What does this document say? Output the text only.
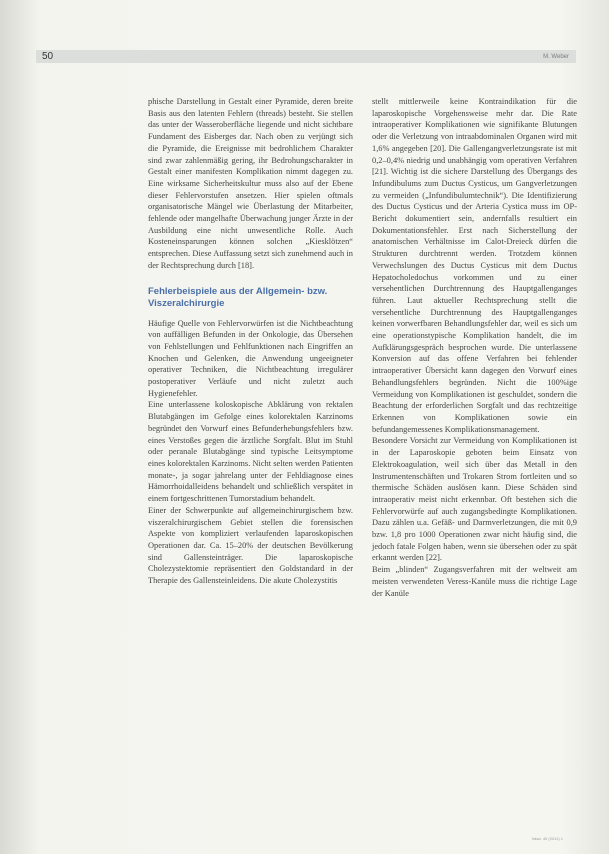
50	M. Weber

phische Darstellung in Gestalt einer Pyramide, deren breite Basis aus den latenten Fehlern (threads) besteht. Sie stellen das unter der Wasseroberfläche liegende und nicht sichtbare Fundament des Eisberges dar. Nach oben zu verjüngt sich die Pyramide, die Ereignisse mit bedrohlichem Charakter sind zwar zahlenmäßig gering, ihr Bedrohungscharakter in Gestalt einer manifesten Komplikation nimmt dagegen zu. Eine wirksame Sicherheitskultur muss also auf der Ebene dieser Fehlervorstufen ansetzen. Hier spielen oftmals organisatorische Mängel wie Überlastung der Mitarbeiter, fehlende oder mangelhafte Überwachung junger Ärzte in der Ausbildung eine nicht unwesentliche Rolle. Auch Kosteneinsparungen können solchen „Kiesklötzen“ entsprechen. Diese Auffassung setzt sich zunehmend auch in der Rechtsprechung durch [18].

Fehlerbeispiele aus der Allgemein- bzw. Viszeralchirurgie

Häufige Quelle von Fehlervorwürfen ist die Nichtbeachtung von auffälligen Befunden in der Onkologie, das Übersehen von Fehlstellungen und Fehlfunktionen nach Eingriffen an Knochen und Gelenken, die Anwendung ungeeigneter operativer Techniken, die Nichtbeachtung irregulärer postoperativer Verläufe und nicht zuletzt auch Hygienefehler.

Eine unterlassene koloskopische Abklärung von rektalen Blutabgängen im Gefolge eines kolorektalen Karzinoms begründet den Vorwurf eines Befunderhebungsfehlers bzw. eines Verstoßes gegen die ärztliche Sorgfalt. Blut im Stuhl oder peranale Blutabgänge sind typische Leitsymptome eines kolorektalen Karzinoms. Nicht selten werden Patienten monate-, ja sogar jahrelang unter der Fehldiagnose eines Hämorrhoidalleidens behandelt und schließlich verspätet in einem fortgeschrittenen Tumorstadium behandelt.

Einer der Schwerpunkte auf allgemeinchirurgischem bzw. viszeralchirurgischem Gebiet stellen die forensischen Aspekte von kompliziert verlaufenden laparoskopischen Operationen dar. Ca. 15–20% der deutschen Bevölkerung sind Gallensteinträger. Die laparoskopische Cholezystektomie repräsentiert den Goldstandard in der Therapie des Gallensteinleidens. Die akute Cholezystitis

stellt mittlerweile keine Kontraindikation für die laparoskopische Vorgehensweise mehr dar. Die Rate intraoperativer Komplikationen wie signifikante Blutungen oder die Verletzung von intraabdominalen Organen wird mit 1,6% angegeben [20]. Die Gallengangverletzungsrate ist mit 0,2–0,4% niedrig und unabhängig vom operativen Verfahren [21]. Wichtig ist die sichere Darstellung des Übergangs des Infundibulums zum Ductus Cysticus, um Gangverletzungen zu vermeiden („Infundibulumtechnik“). Die Identifizierung des Ductus Cysticus und der Arteria Cystica muss im OP-Bericht dokumentiert sein, andernfalls resultiert ein Dokumentationsfehler. Erst nach Sicherstellung der anatomischen Verhältnisse im Calot-Dreieck dürfen die Strukturen durchtrennt werden. Trotzdem können Verwechslungen des Ductus Cysticus mit dem Ductus Hepatocholedochus vorkommen und zu einer versehentlichen Durchtrennung des Hauptgallenganges führen. Laut aktueller Rechtsprechung stellt die versehentliche Durchtrennung des Hauptgallenganges keinen vorwerfbaren Behandlungsfehler dar, weil es sich um eine operationstypische Komplikation handelt, die im Aufklärungsgespräch besprochen wurde. Die unterlassene Konversion auf das offene Verfahren bei fehlender intraoperativer Übersicht kann dagegen den Vorwurf eines Behandlungsfehlers begründen. Nicht die 100%ige Vermeidung von Komplikationen ist geschuldet, sondern die Beachtung der erforderlichen Sorgfalt und das rechtzeitige Erkennen von Komplikationen sowie ein befundangemessenes Komplikationsmanagement.

Besondere Vorsicht zur Vermeidung von Komplikationen ist in der Laparoskopie geboten beim Einsatz von Elektrokoagulation, weil sich über das Metall in den Instrumentenschäften und Trokaren Strom fortleiten und so thermische Schäden auslösen kann. Diese Schäden sind intraoperativ meist nicht erkennbar. Oft bestehen sich die Fehlervorwürfe auf auch zugangsbedingte Komplikationen. Dazu zählen u.a. Gefäß- und Darmverletzungen, die mit 0,9 bzw. 1,8 pro 1000 Operationen zwar nicht häufig sind, die jedoch fatale Folgen haben, wenn sie übersehen oder zu spät erkannt werden [22].

Beim „blinden“ Zugangsverfahren mit der weltweit am meisten verwendeten Veress-Kanüle muss die richtige Lage der Kanüle

Vasa, 40 (2011) 1
